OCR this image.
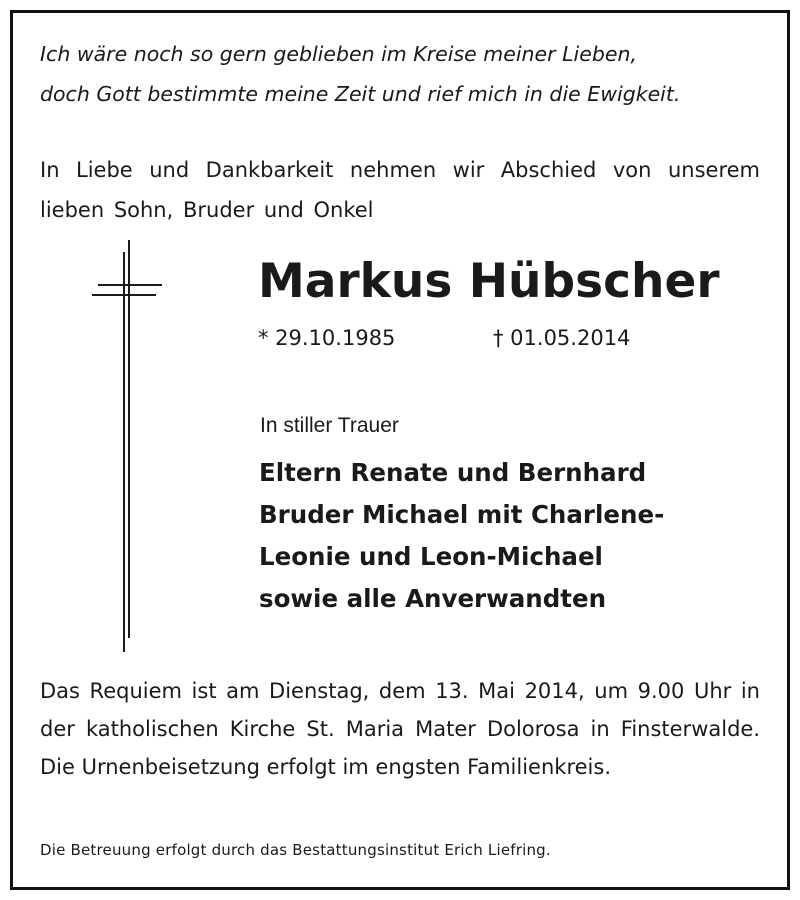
Ich wäre noch so gern geblieben im Kreise meiner Lieben,
doch Gott bestimmte meine Zeit und rief mich in die Ewigkeit.
In Liebe und Dankbarkeit nehmen wir Abschied von unserem lieben Sohn, Bruder und Onkel
Markus Hübscher
* 29.10.1985	† 01.05.2014
In stiller Trauer
Eltern Renate und Bernhard
Bruder Michael mit Charlene-
Leonie und Leon-Michael
sowie alle Anverwandten
Das Requiem ist am Dienstag, dem 13. Mai 2014, um 9.00 Uhr in der katholischen Kirche St. Maria Mater Dolorosa in Finsterwalde. Die Urnenbeisetzung erfolgt im engsten Familienkreis.
Die Betreuung erfolgt durch das Bestattungsinstitut Erich Liefring.
